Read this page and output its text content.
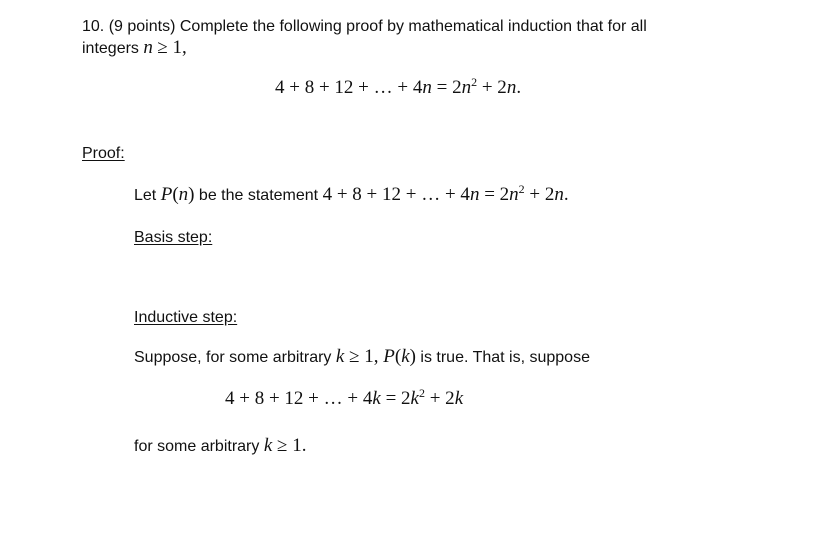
10. (9 points) Complete the following proof by mathematical induction that for all
integers n ≥ 1,
4 + 8 + 12 + … + $4n = 2n^2 + 2n$.
Proof:
Let P(n) be the statement 4 + 8 + 12 + … + $4n = 2n^2 + 2n$.
Basis step:
Inductive step:
Suppose, for some arbitrary k ≥ 1, P(k) is true. That is, suppose
4 + 8 + 12 + … + $4k = 2k^2 + 2k$
for some arbitrary k ≥ 1.
